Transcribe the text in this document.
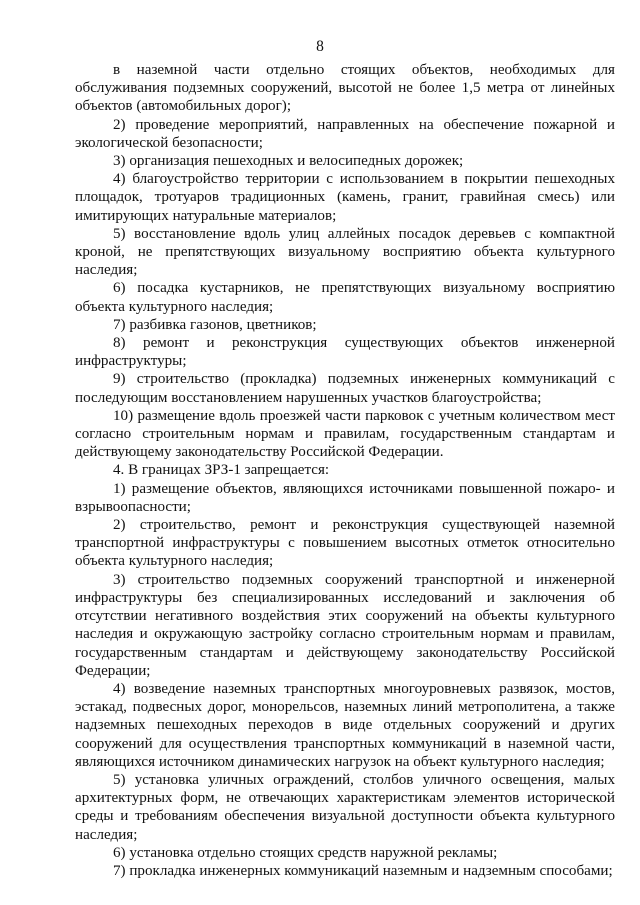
8

в наземной части отдельно стоящих объектов, необходимых для обслуживания подземных сооружений, высотой не более 1,5 метра от линейных объектов (автомобильных дорог);

2) проведение мероприятий, направленных на обеспечение пожарной и экологической безопасности;

3) организация пешеходных и велосипедных дорожек;

4) благоустройство территории с использованием в покрытии пешеходных площадок, тротуаров традиционных (камень, гранит, гравийная смесь) или имитирующих натуральные материалов;

5) восстановление вдоль улиц аллейных посадок деревьев с компактной кроной, не препятствующих визуальному восприятию объекта культурного наследия;

6) посадка кустарников, не препятствующих визуальному восприятию объекта культурного наследия;

7) разбивка газонов, цветников;

8) ремонт и реконструкция существующих объектов инженерной инфраструктуры;

9) строительство (прокладка) подземных инженерных коммуникаций с последующим восстановлением нарушенных участков благоустройства;

10) размещение вдоль проезжей части парковок с учетным количеством мест согласно строительным нормам и правилам, государственным стандартам и действующему законодательству Российской Федерации.

4. В границах ЗРЗ-1 запрещается:

1) размещение объектов, являющихся источниками повышенной пожаро- и взрывоопасности;

2) строительство, ремонт и реконструкция существующей наземной транспортной инфраструктуры с повышением высотных отметок относительно объекта культурного наследия;

3) строительство подземных сооружений транспортной и инженерной инфраструктуры без специализированных исследований и заключения об отсутствии негативного воздействия этих сооружений на объекты культурного наследия и окружающую застройку согласно строительным нормам и правилам, государственным стандартам и действующему законодательству Российской Федерации;

4) возведение наземных транспортных многоуровневых развязок, мостов, эстакад, подвесных дорог, монорельсов, наземных линий метрополитена, а также надземных пешеходных переходов в виде отдельных сооружений и других сооружений для осуществления транспортных коммуникаций в наземной части, являющихся источником динамических нагрузок на объект культурного наследия;

5) установка уличных ограждений, столбов уличного освещения, малых архитектурных форм, не отвечающих характеристикам элементов исторической среды и требованиям обеспечения визуальной доступности объекта культурного наследия;

6) установка отдельно стоящих средств наружной рекламы;

7) прокладка инженерных коммуникаций наземным и надземным способами;
